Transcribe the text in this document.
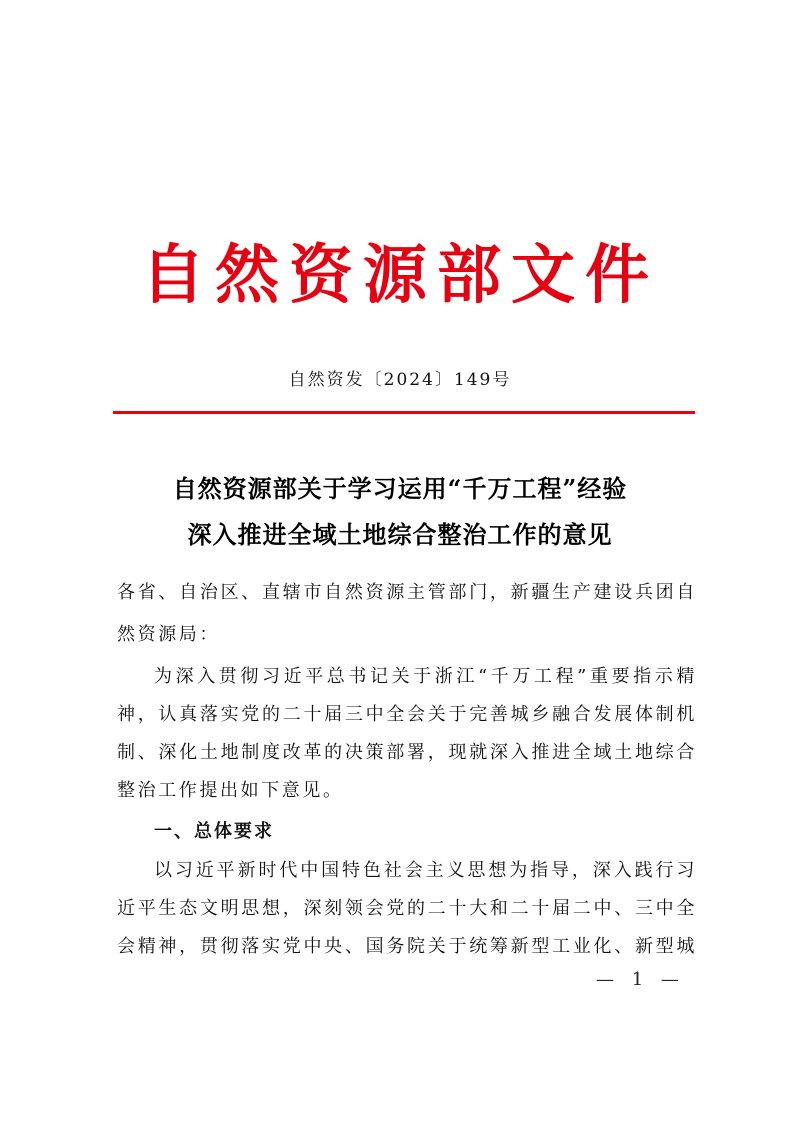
自然资源部文件
自然资发〔2024〕149号
自然资源部关于学习运用“千万工程”经验
深入推进全域土地综合整治工作的意见
各省、自治区、直辖市自然资源主管部门，新疆生产建设兵团自
然资源局：
为深入贯彻习近平总书记关于浙江“千万工程”重要指示精
神，认真落实党的二十届三中全会关于完善城乡融合发展体制机
制、深化土地制度改革的决策部署，现就深入推进全域土地综合
整治工作提出如下意见。
一、总体要求
以习近平新时代中国特色社会主义思想为指导，深入践行习
近平生态文明思想，深刻领会党的二十大和二十届二中、三中全
会精神，贯彻落实党中央、国务院关于统筹新型工业化、新型城
— 1 —
